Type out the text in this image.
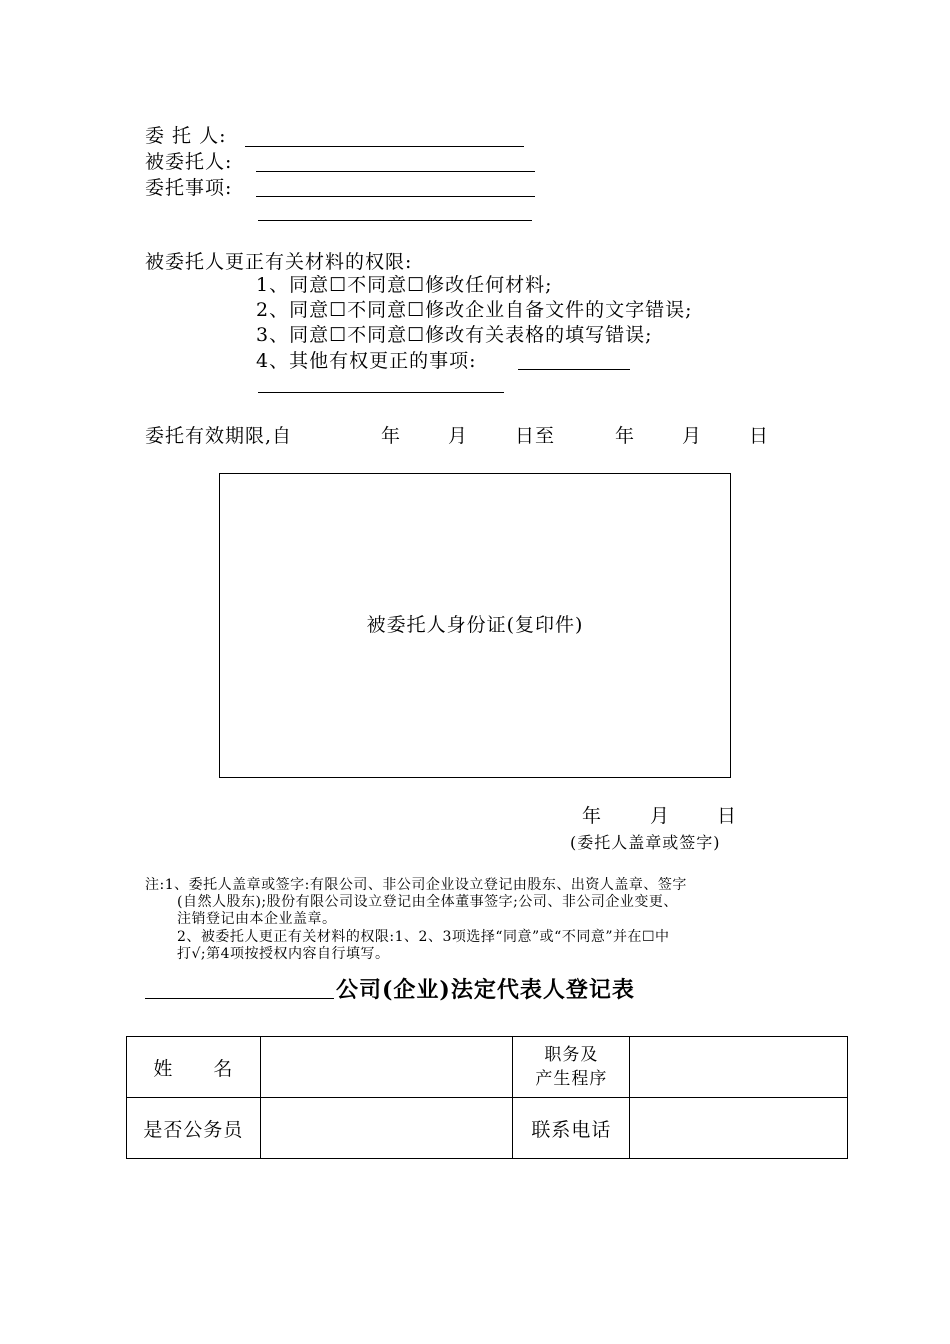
委 托 人:
被委托人:
委托事项:
被委托人更正有关材料的权限:
1、同意☐不同意☐修改任何材料;
2、同意☐不同意☐修改企业自备文件的文字错误;
3、同意☐不同意☐修改有关表格的填写错误;
4、其他有权更正的事项:
委托有效期限,自	年 月 日至	年 月 日
被委托人身份证(复印件)
年	月 日
(委托人盖章或签字)
注:1、委托人盖章或签字:有限公司、非公司企业设立登记由股东、出资人盖章、签字
(自然人股东);股份有限公司设立登记由全体董事签字;公司、非公司企业变更、
注销登记由本企业盖章。
2、被委托人更正有关材料的权限:1、2、3项选择“同意”或“不同意”并在☐中
打√;第4项按授权内容自行填写。
公司(企业)法定代表人登记表
姓　　名		职务及
产生程序	

是否公务员		联系电话	
